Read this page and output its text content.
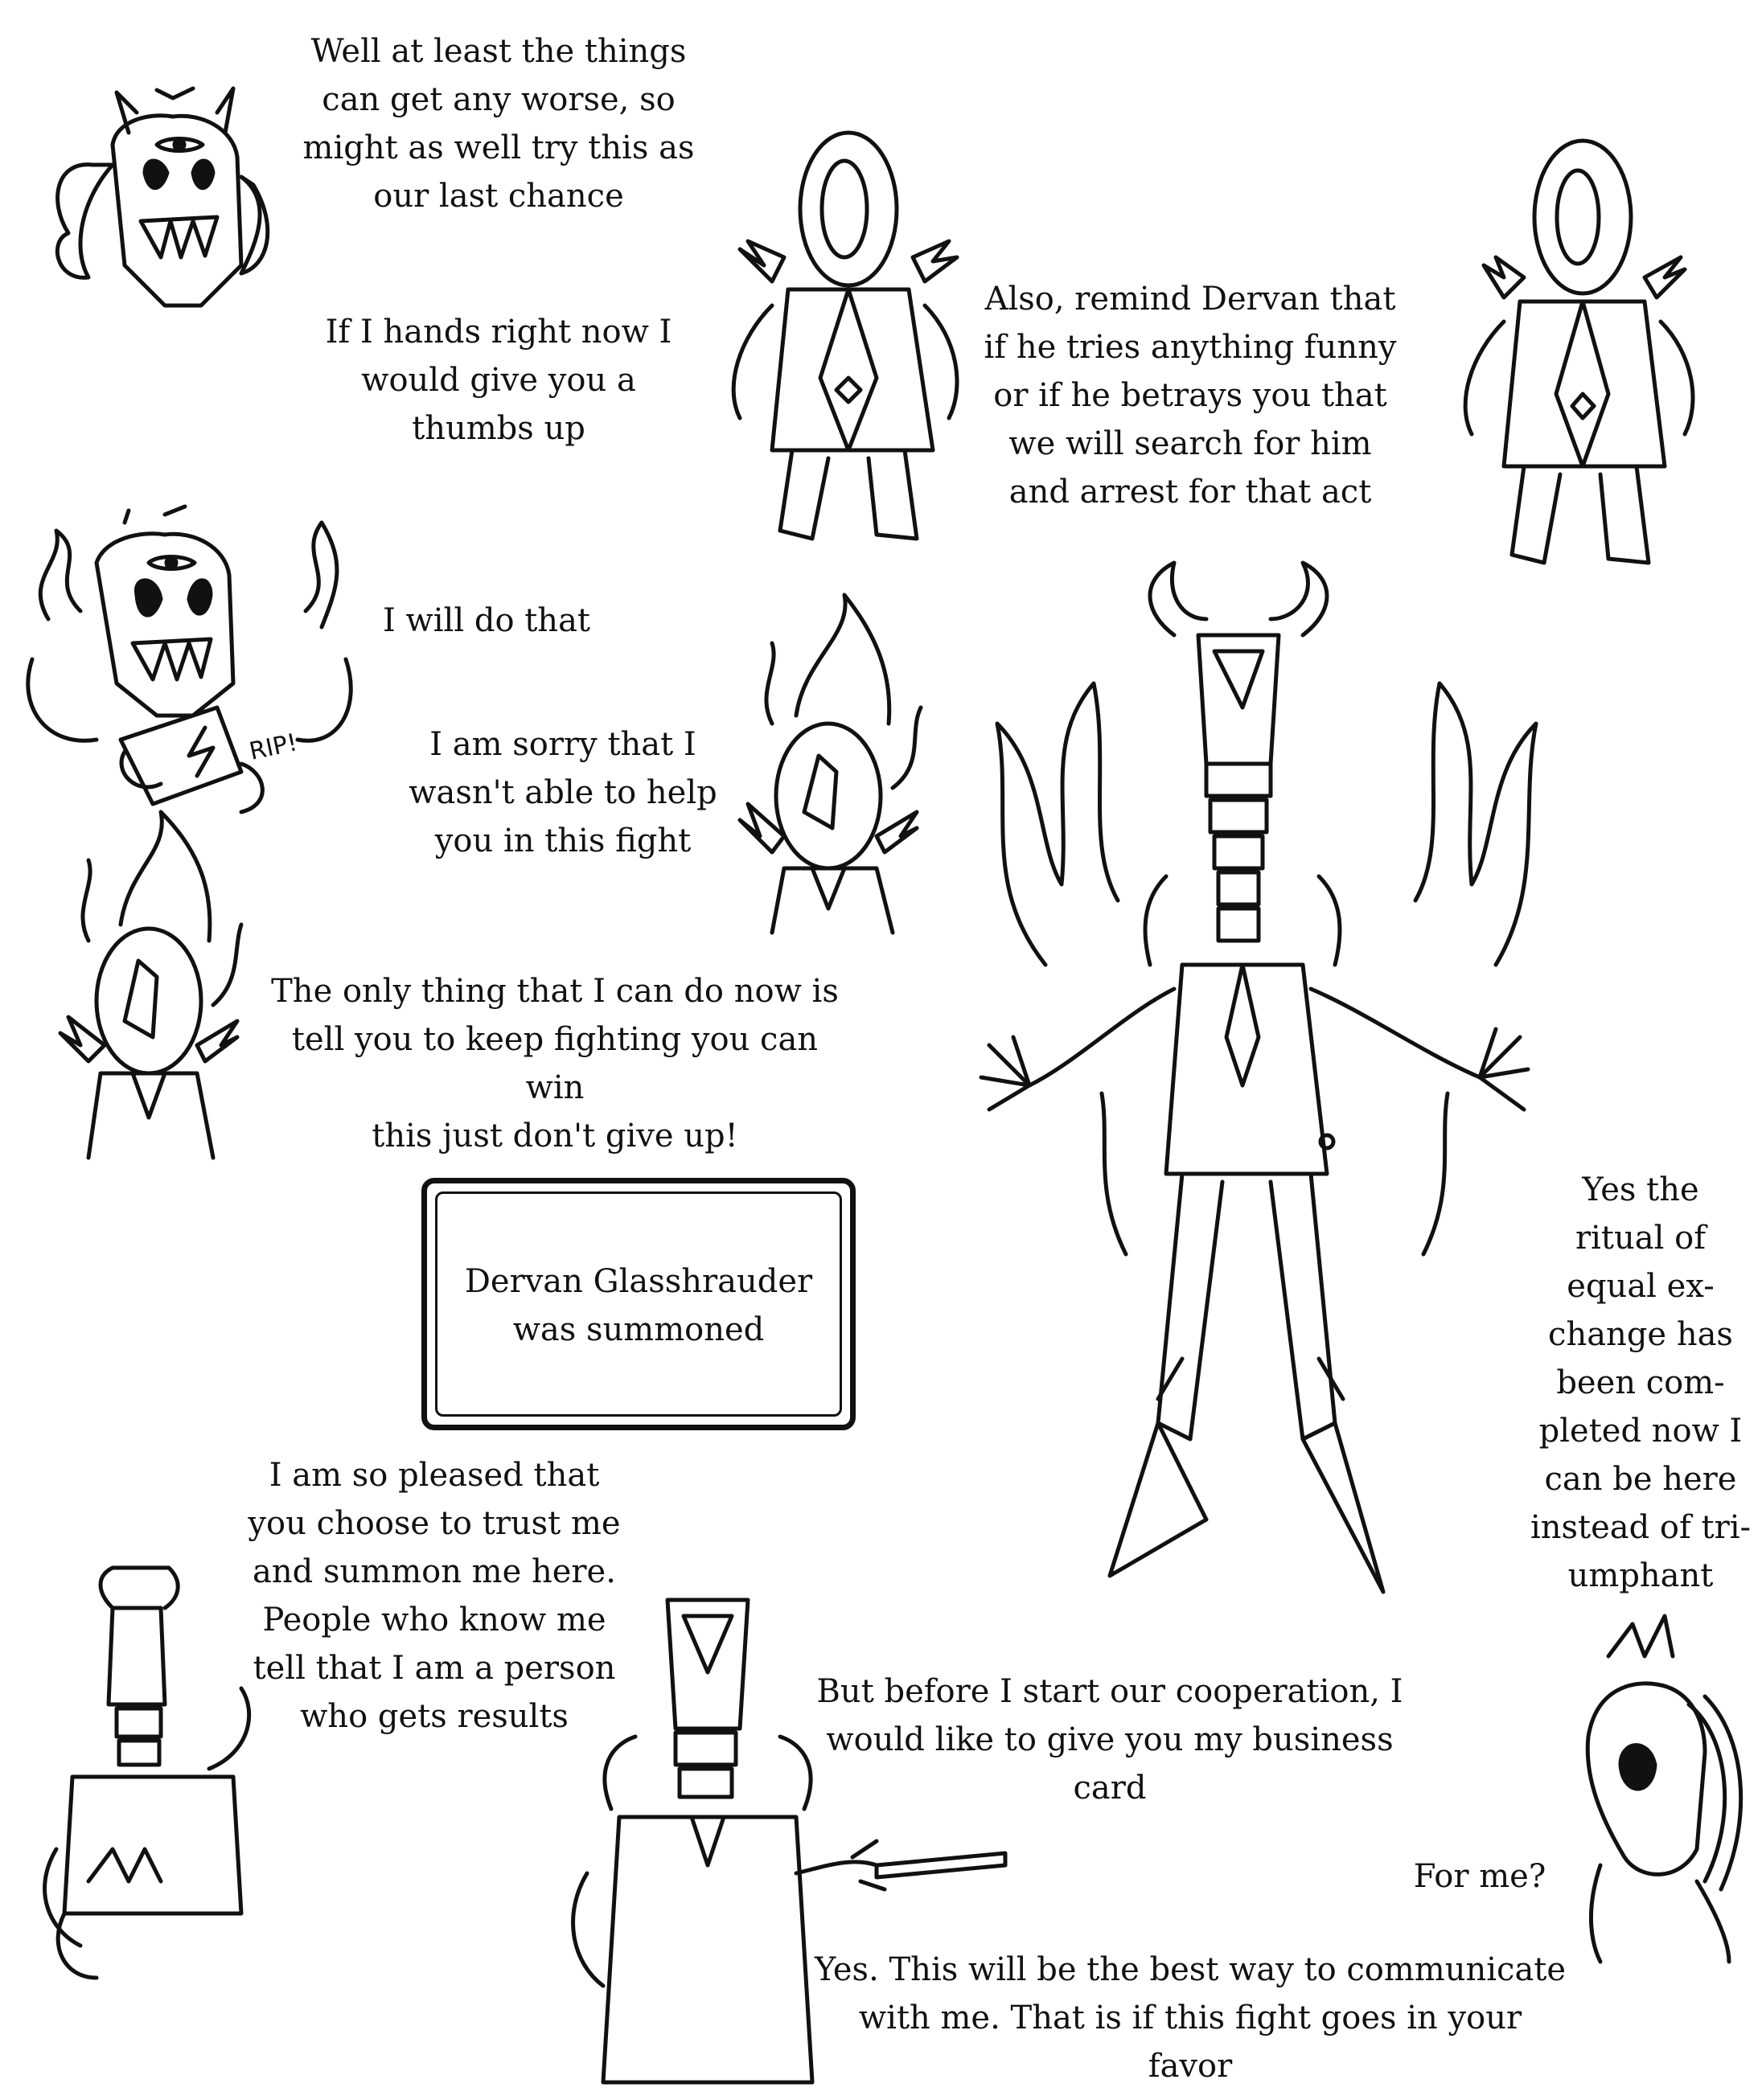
Well at least the things
can get any worse, so
might as well try this as
our last chance
If I hands right now I
would give you a
thumbs up
Also, remind Dervan that
if he tries anything funny
or if he betrays you that
we will search for him
and arrest for that act
I will do that
I am sorry that I
wasn't able to help
you in this fight
The only thing that I can do now is
tell you to keep fighting you can win
this just don't give up!
Yes the
ritual of
equal ex-
change has
been com-
pleted now I
can be here
instead of tri-
umphant
I am so pleased that
you choose to trust me
and summon me here.
People who know me
tell that I am a person
who gets results
But before I start our cooperation, I
would like to give you my business card
For me?
Yes. This will be the best way to communicate
with me. That is if this fight goes in your favor
RIP!
Dervan Glasshrauder
was summoned
